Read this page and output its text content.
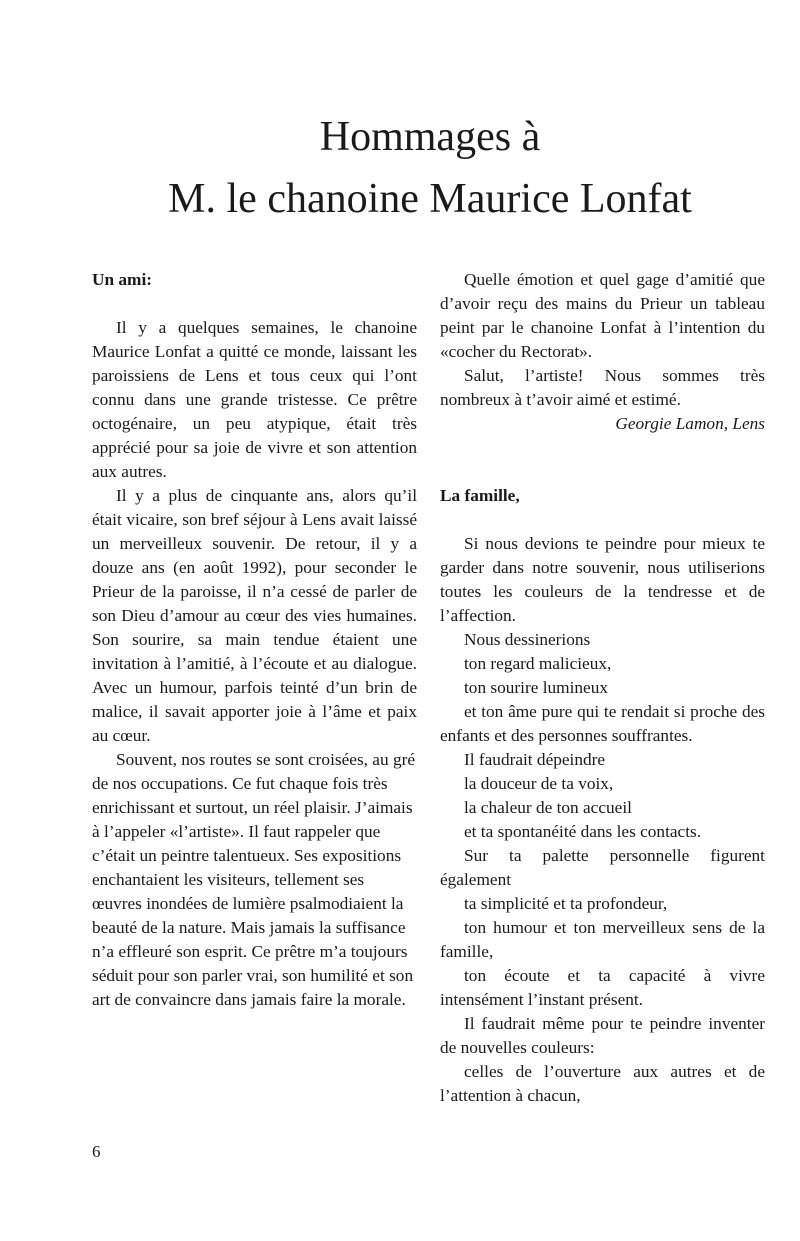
Hommages à
M. le chanoine Maurice Lonfat
Un ami:

Il y a quelques semaines, le chanoine Maurice Lonfat a quitté ce monde, laissant les paroissiens de Lens et tous ceux qui l’ont connu dans une grande tristesse. Ce prêtre octogénaire, un peu atypique, était très apprécié pour sa joie de vivre et son attention aux autres.

Il y a plus de cinquante ans, alors qu’il était vicaire, son bref séjour à Lens avait laissé un merveilleux souvenir. De retour, il y a douze ans (en août 1992), pour seconder le Prieur de la paroisse, il n’a cessé de parler de son Dieu d’amour au cœur des vies humaines. Son sourire, sa main tendue étaient une invitation à l’amitié, à l’écoute et au dialogue. Avec un humour, parfois teinté d’un brin de malice, il savait apporter joie à l’âme et paix au cœur.

Souvent, nos routes se sont croisées, au gré de nos occupations. Ce fut chaque fois très enrichissant et surtout, un réel plaisir. J’aimais à l’appeler «l’artiste». Il faut rappeler que c’était un peintre talentueux. Ses expositions enchantaient les visiteurs, tellement ses œuvres inondées de lumière psalmodiaient la beauté de la nature. Mais jamais la suffisance n’a effleuré son esprit. Ce prêtre m’a toujours séduit pour son parler vrai, son humilité et son art de convaincre dans jamais faire la morale.

Quelle émotion et quel gage d’amitié que d’avoir reçu des mains du Prieur un tableau peint par le chanoine Lonfat à l’intention du «cocher du Rectorat».

Salut, l’artiste! Nous sommes très nombreux à t’avoir aimé et estimé.

Georgie Lamon, Lens
La famille,

Si nous devions te peindre pour mieux te garder dans notre souvenir, nous utiliserions toutes les couleurs de la tendresse et de l’affection.

Nous dessinerions

ton regard malicieux,

ton sourire lumineux

et ton âme pure qui te rendait si proche des enfants et des personnes souffrantes.

Il faudrait dépeindre

la douceur de ta voix,

la chaleur de ton accueil

et ta spontanéité dans les contacts.

Sur ta palette personnelle figurent également

ta simplicité et ta profondeur,

ton humour et ton merveilleux sens de la famille,

ton écoute et ta capacité à vivre intensément l’instant présent.

Il faudrait même pour te peindre inventer de nouvelles couleurs:

celles de l’ouverture aux autres et de l’attention à chacun,

6
